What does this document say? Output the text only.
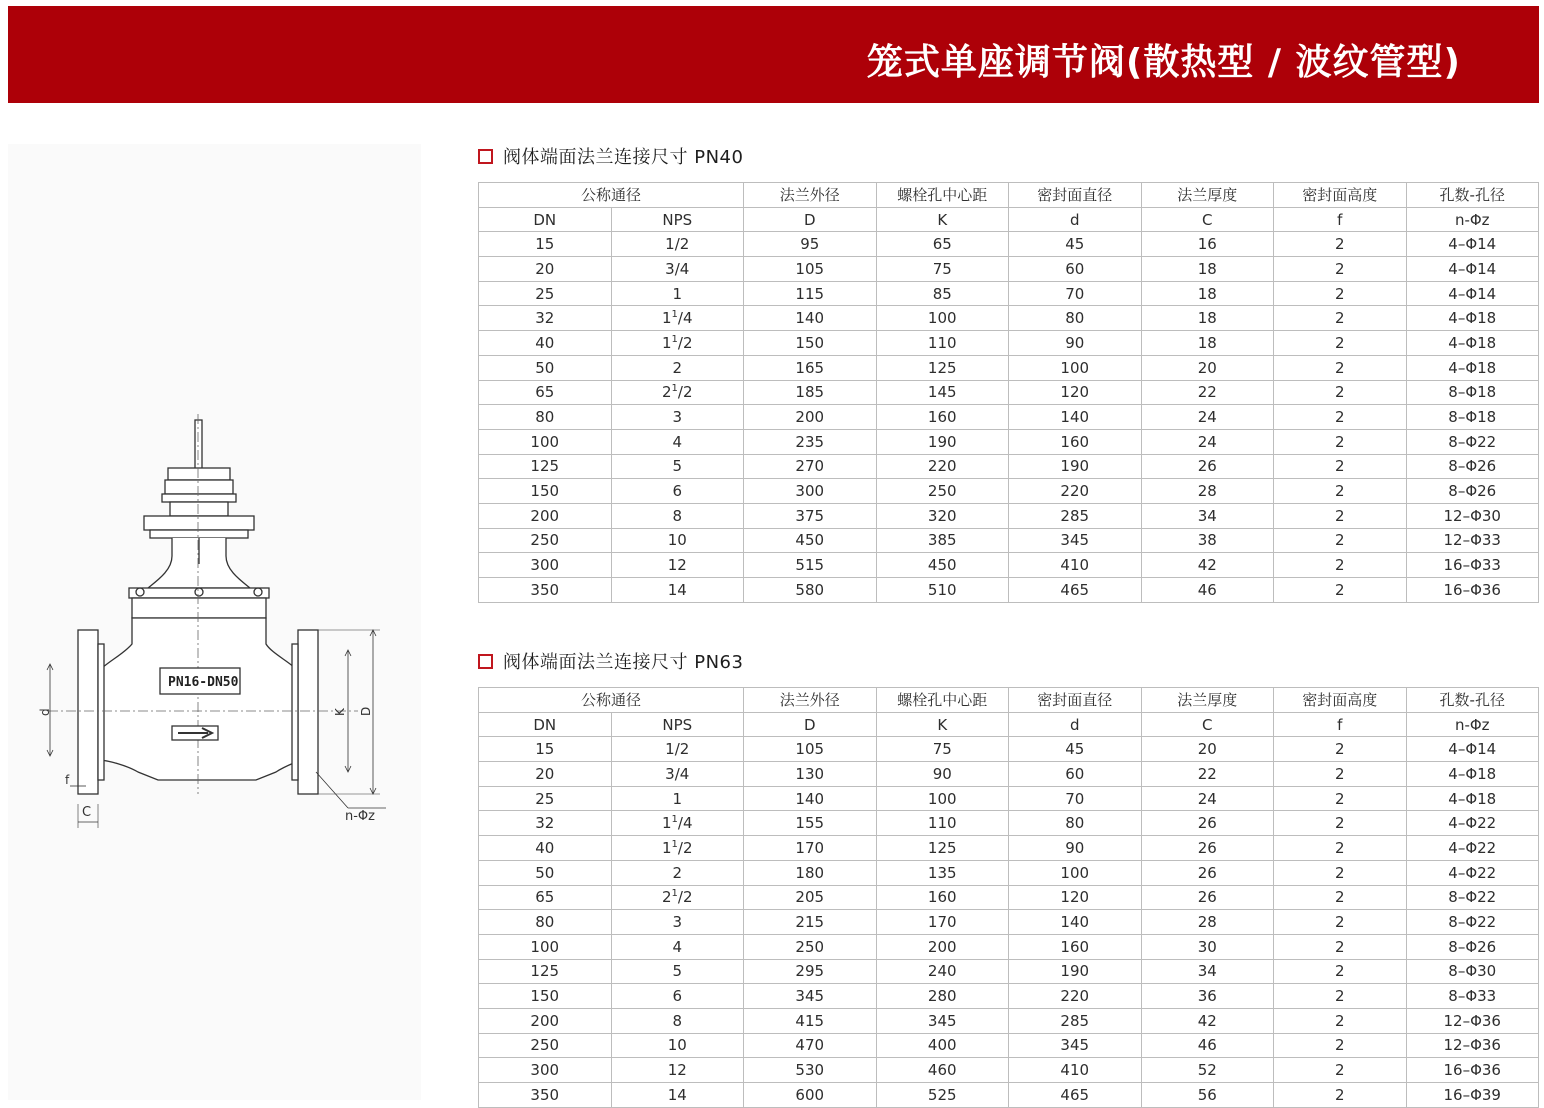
笼式单座调节阀(散热型 / 波纹管型)
PN16-DN50
d	K D
f
C	n-Φz
阀体端面法兰连接尺寸 PN40
公称通径		法兰外径	螺栓孔中心距	密封面直径	法兰厚度	密封面高度	孔数-孔径
DN	NPS	D	K	d	C	f	n-Φz
15	1/2	95	65	45	16	2	4–Φ14
20	3/4	105	75	60	18	2	4–Φ14
25	1	115	85	70	18	2	4–Φ14
32	$1^1/4$	140	100	80	18	2	4–Φ18
40	$1^1/2$	150	110	90	18	2	4–Φ18
50	2	165	125	100	20	2	4–Φ18
65	$2^1/2$	185	145	120	22	2	8–Φ18
80	3	200	160	140	24	2	8–Φ18
100	4	235	190	160	24	2	8–Φ22
125	5	270	220	190	26	2	8–Φ26
150	6	300	250	220	28	2	8–Φ26
200	8	375	320	285	34	2	12–Φ30
250	10	450	385	345	38	2	12–Φ33
300	12	515	450	410	42	2	16–Φ33
350	14	580	510	465	46	2	16–Φ36
阀体端面法兰连接尺寸 PN63
公称通径		法兰外径	螺栓孔中心距	密封面直径	法兰厚度	密封面高度	孔数-孔径
DN	NPS	D	K	d	C	f	n-Φz
15	1/2	105	75	45	20	2	4–Φ14
20	3/4	130	90	60	22	2	4–Φ18
25	1	140	100	70	24	2	4–Φ18
32	$1^1/4$	155	110	80	26	2	4–Φ22
40	$1^1/2$	170	125	90	26	2	4–Φ22
50	2	180	135	100	26	2	4–Φ22
65	$2^1/2$	205	160	120	26	2	8–Φ22
80	3	215	170	140	28	2	8–Φ22
100	4	250	200	160	30	2	8–Φ26
125	5	295	240	190	34	2	8–Φ30
150	6	345	280	220	36	2	8–Φ33
200	8	415	345	285	42	2	12–Φ36
250	10	470	400	345	46	2	12–Φ36
300	12	530	460	410	52	2	16–Φ36
350	14	600	525	465	56	2	16–Φ39
